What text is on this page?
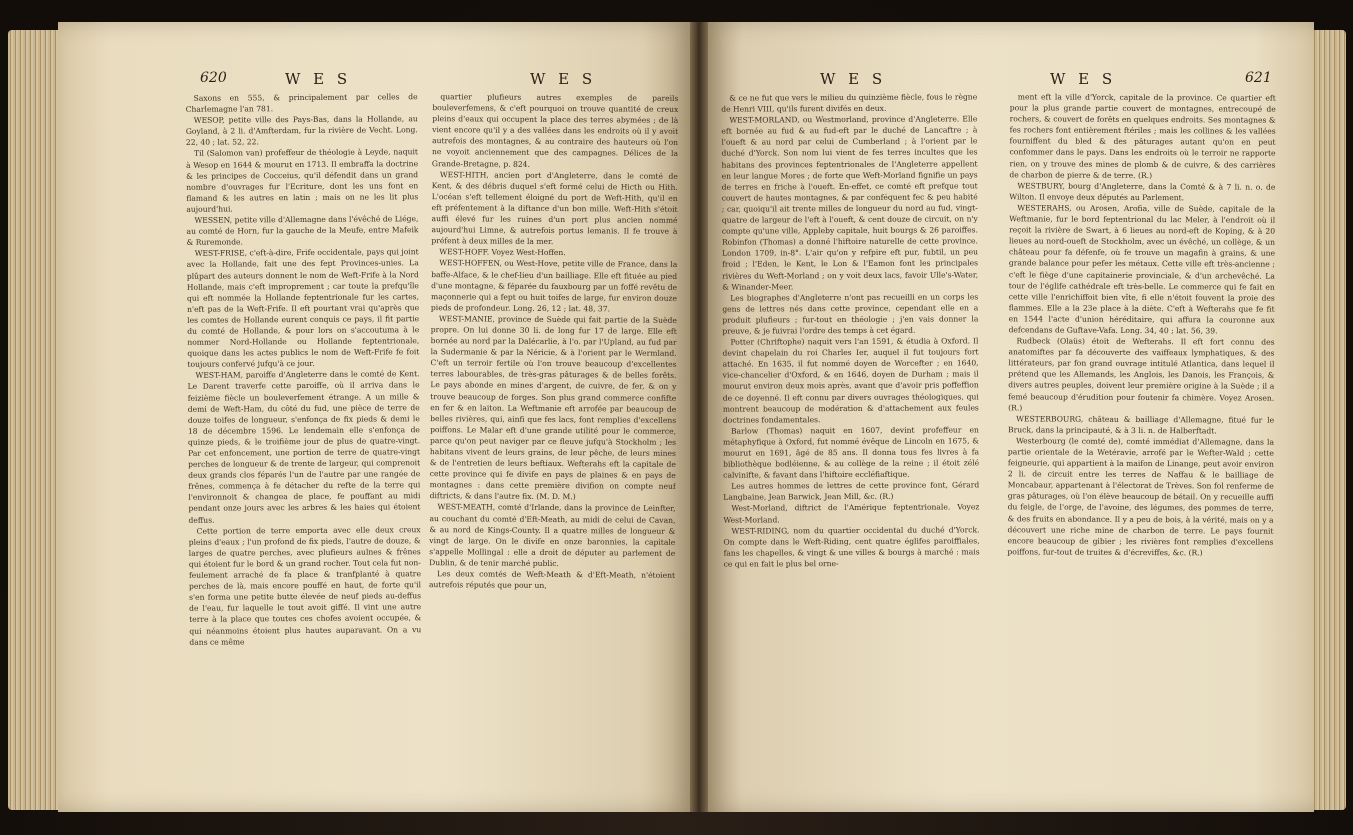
620	W E S	W E S	W E S	W E S	621

Saxons en 555, & principalement par celles de Charlemagne l'an 781.

WESOP, petite ville des Pays-Bas, dans la Hollande, au Goyland, à 2 li. d'Amfterdam, fur la rivière de Vecht. Long. 22, 40 ; lat. 52, 22.

Til (Salomon van) profeffeur de théologie à Leyde, naquit à Wesop en 1644 & mourut en 1713. Il embraffa la doctrine & les principes de Cocceius, qu'il défendit dans un grand nombre d'ouvrages fur l'Ecriture, dont les uns font en flamand & les autres en latin ; mais on ne les lit plus aujourd'hui.

WESSEN, petite ville d'Allemagne dans l'évêché de Liége, au comté de Horn, fur la gauche de la Meufe, entre Mafeik & Ruremonde.

WEST-FRISE, c'eft-à-dire, Frife occidentale, pays qui joint avec la Hollande, fait une des fept Provinces-unies. La plûpart des auteurs donnent le nom de Weft-Frife à la Nord Hollande, mais c'eft improprement ; car toute la prefqu'île qui eft nommée la Hollande feptentrionale fur les cartes, n'eft pas de la Weft-Frife. Il eft pourtant vrai qu'après que les comtes de Hollande eurent conquis ce pays, il fit partie du comté de Hollande, & pour lors on s'accoutuma à le nommer Nord-Hollande ou Hollande feptentrionale, quoique dans les actes publics le nom de Weft-Frife fe foit toujours confervé jufqu'à ce jour.

WEST-HAM, paroiffe d'Angleterre dans le comté de Kent. Le Darent traverfe cette paroiffe, où il arriva dans le feizième fiècle un bouleverfement étrange. A un mille & demi de Weft-Ham, du côté du fud, une pièce de terre de douze toifes de longueur, s'enfonça de fix pieds & demi le 18 de décembre 1596. Le lendemain elle s'enfonça de quinze pieds, & le troifième jour de plus de quatre-vingt. Par cet enfoncement, une portion de terre de quatre-vingt perches de longueur & de trente de largeur, qui comprenoit deux grands clos féparés l'un de l'autre par une rangée de frênes, commença à fe détacher du refte de la terre qui l'environnoit & changea de place, fe pouffant au midi pendant onze jours avec les arbres & les haies qui étoient deffus.

Cette portion de terre emporta avec elle deux creux pleins d'eaux ; l'un profond de fix pieds, l'autre de douze, & larges de quatre perches, avec plufieurs aulnes & frênes qui étoient fur le bord & un grand rocher. Tout cela fut non-feulement arraché de fa place & tranfplanté à quatre perches de là, mais encore pouffé en haut, de forte qu'il s'en forma une petite butte élevée de neuf pieds au-deffus de l'eau, fur laquelle le tout avoit giffé. Il vint une autre terre à la place que toutes ces chofes avoient occupée, & qui néanmoins étoient plus hautes auparavant. On a vu dans ce même

quartier plufieurs autres exemples de pareils bouleverfemens, & c'eft pourquoi on trouve quantité de creux pleins d'eaux qui occupent la place des terres abymées ; de là vient encore qu'il y a des vallées dans les endroits où il y avoit autrefois des montagnes, & au contraire des hauteurs où l'on ne voyoit anciennement que des campagnes. Délices de la Grande-Bretagne, p. 824.

WEST-HITH, ancien port d'Angleterre, dans le comté de Kent, & des débris duquel s'eft formé celui de Hicth ou Hith. L'océan s'eft tellement éloigné du port de Weft-Hith, qu'il en eft préfentement à la diftance d'un bon mille. Weft-Hith s'étoit auffi élevé fur les ruines d'un port plus ancien nommé aujourd'hui Limne, & autrefois portus lemanis. Il fe trouve à préfent à deux milles de la mer.

WEST-HOFF. Voyez West-Hoffen.

WEST-HOFFEN, ou West-Hove, petite ville de France, dans la baffe-Alface, & le chef-lieu d'un bailliage. Elle eft fituée au pied d'une montagne, & féparée du fauxbourg par un foffé revêtu de maçonnerie qui a fept ou huit toifes de large, fur environ douze pieds de profondeur. Long. 26, 12 ; lat. 48, 37.

WEST-MANIE, province de Suède qui fait partie de la Suède propre. On lui donne 30 li. de long fur 17 de large. Elle eft bornée au nord par la Dalécarlie, à l'o. par l'Upland, au fud par la Sudermanie & par la Néricie, & à l'orient par le Wermland. C'eft un terroir fertile où l'on trouve beaucoup d'excellentes terres labourables, de très-gras pâturages & de belles forêts. Le pays abonde en mines d'argent, de cuivre, de fer, & on y trouve beaucoup de forges. Son plus grand commerce confifte en fer & en laiton. La Weftmanie eft arrofée par beaucoup de belles rivières, qui, ainfi que fes lacs, font remplies d'excellens poiffons. Le Malar eft d'une grande utilité pour le commerce, parce qu'on peut naviger par ce fleuve jufqu'à Stockholm ; les habitans vivent de leurs grains, de leur pêche, de leurs mines & de l'entretien de leurs beftiaux. Wefterahs eft la capitale de cette province qui fe divife en pays de plaines & en pays de montagnes : dans cette première divifion on compte neuf diftricts, & dans l'autre fix. (M. D. M.)

WEST-MEATH, comté d'Irlande, dans la province de Leinfter, au couchant du comté d'Eft-Meath, au midi de celui de Cavan, & au nord de Kings-County. Il a quatre milles de longueur & vingt de large. On le divife en onze baronnies, la capitale s'appelle Mollingal : elle a droit de députer au parlement de Dublin, & de tenir marché public.

Les deux comtés de Weft-Meath & d'Eft-Meath, n'étoient autrefois réputés que pour un,

& ce ne fut que vers le milieu du quinzième fiècle, fous le règne de Henri VIII, qu'ils furent divifés en deux.

WEST-MORLAND, ou Westmorland, province d'Angleterre. Elle eft bornée au fud & au fud-eft par le duché de Lancaftre ; à l'oueft & au nord par celui de Cumberland ; à l'orient par le duché d'Yorck. Son nom lui vient de fes terres incultes que les habitans des provinces feptentrionales de l'Angleterre appellent en leur langue Mores ; de forte que Weft-Morland fignifie un pays de terres en friche à l'oueft. En-effet, ce comté eft prefque tout couvert de hautes montagnes, & par conféquent fec & peu habité ; car, quoiqu'il ait trente milles de longueur du nord au fud, vingt-quatre de largeur de l'eft à l'oueft, & cent douze de circuit, on n'y compte qu'une ville, Appleby capitale, huit bourgs & 26 paroiffes. Robinfon (Thomas) a donné l'hiftoire naturelle de cette province. London 1709, in-8°. L'air qu'on y refpire eft pur, fubtil, un peu froid ; l'Eden, le Kent, le Lon & l'Eamon font les principales rivières du Weft-Morland ; on y voit deux lacs, favoir Ulle's-Water, & Winander-Meer.

Les biographes d'Angleterre n'ont pas recueilli en un corps les gens de lettres nés dans cette province, cependant elle en a produit plufieurs ; fur-tout en théologie ; j'en vais donner la preuve, & je fuivrai l'ordre des temps à cet égard.

Potter (Chriftophe) naquit vers l'an 1591, & étudia à Oxford. Il devint chapelain du roi Charles Ier, auquel il fut toujours fort attaché. En 1635, il fut nommé doyen de Worcefter ; en 1640, vice-chancelier d'Oxford, & en 1646, doyen de Durham ; mais il mourut environ deux mois après, avant que d'avoir pris poffeffion de ce doyenné. Il eft connu par divers ouvrages théologiques, qui montrent beaucoup de modération & d'attachement aux feules doctrines fondamentales.

Barlow (Thomas) naquit en 1607, devint profeffeur en métaphyfique à Oxford, fut nommé évêque de Lincoln en 1675, & mourut en 1691, âgé de 85 ans. Il donna tous fes livres à fa bibliothèque bodléienne, & au collège de la reine ; il étoit zélé calvinifte, & favant dans l'hiftoire eccléfiaftique.

Les autres hommes de lettres de cette province font, Gérard Langbaine, Jean Barwick, Jean Mill, &c. (R.)

West-Morland, diftrict de l'Amérique feptentrionale. Voyez West-Morland.

WEST-RIDING, nom du quartier occidental du duché d'Yorck. On compte dans le Weft-Riding, cent quatre églifes paroiffiales, fans les chapelles, & vingt & une villes & bourgs à marché : mais ce qui en fait le plus bel orne-

ment eft la ville d'Yorck, capitale de la province. Ce quartier eft pour la plus grande partie couvert de montagnes, entrecoupé de rochers, & couvert de forêts en quelques endroits. Ses montagnes & fes rochers font entièrement ftériles ; mais les collines & les vallées fourniffent du bled & des pâturages autant qu'on en peut confommer dans le pays. Dans les endroits où le terroir ne rapporte rien, on y trouve des mines de plomb & de cuivre, & des carrières de charbon de pierre & de terre. (R.)

WESTBURY, bourg d'Angleterre, dans la Comté & à 7 li. n. o. de Wilton. Il envoye deux députés au Parlement.

WESTERAHS, ou Arosen, Arofia, ville de Suède, capitale de la Weftmanie, fur le bord feptentrional du lac Meler, à l'endroit où il reçoit la rivière de Swart, à 6 lieues au nord-eft de Koping, & à 20 lieues au nord-oueft de Stockholm, avec un évêché, un collège, & un château pour fa défenfe, où fe trouve un magafin à grains, & une grande balance pour pefer les métaux. Cette ville eft très-ancienne ; c'eft le fiège d'une capitainerie provinciale, & d'un archevêché. La tour de l'églife cathédrale eft très-belle. Le commerce qui fe fait en cette ville l'enrichiffoit bien vîte, fi elle n'étoit fouvent la proie des flammes. Elle a la 23e place à la diète. C'eft à Wefterahs que fe fit en 1544 l'acte d'union héréditaire, qui affura la couronne aux defcendans de Guftave-Vafa. Long. 34, 40 ; lat. 56, 39.

Rudbeck (Olaüs) étoit de Wefterahs. Il eft fort connu des anatomiftes par fa découverte des vaiffeaux lymphatiques, & des littérateurs, par fon grand ouvrage intitulé Atlantica, dans lequel il prétend que les Allemands, les Anglois, les Danois, les François, & divers autres peuples, doivent leur première origine à la Suède ; il a femé beaucoup d'érudition pour foutenir fa chimère. Voyez Arosen. (R.)

WESTERBOURG, château & bailliage d'Allemagne, fitué fur le Bruck, dans la principauté, & à 3 li. n. de Halberftadt.

Westerbourg (le comté de), comté immédiat d'Allemagne, dans la partie orientale de la Wetéravie, arrofé par le Wefter-Wald ; cette feigneurie, qui appartient à la maifon de Linange, peut avoir environ 2 li. de circuit entre les terres de Naffau & le bailliage de Moncabaur, appartenant à l'électorat de Trèves. Son fol renferme de gras pâturages, où l'on élève beaucoup de bétail. On y recueille auffi du feigle, de l'orge, de l'avoine, des légumes, des pommes de terre, & des fruits en abondance. Il y a peu de bois, à la vérité, mais on y a découvert une riche mine de charbon de terre. Le pays fournit encore beaucoup de gibier ; les rivières font remplies d'excellens poiffons, fur-tout de truites & d'écreviffes, &c. (R.)
